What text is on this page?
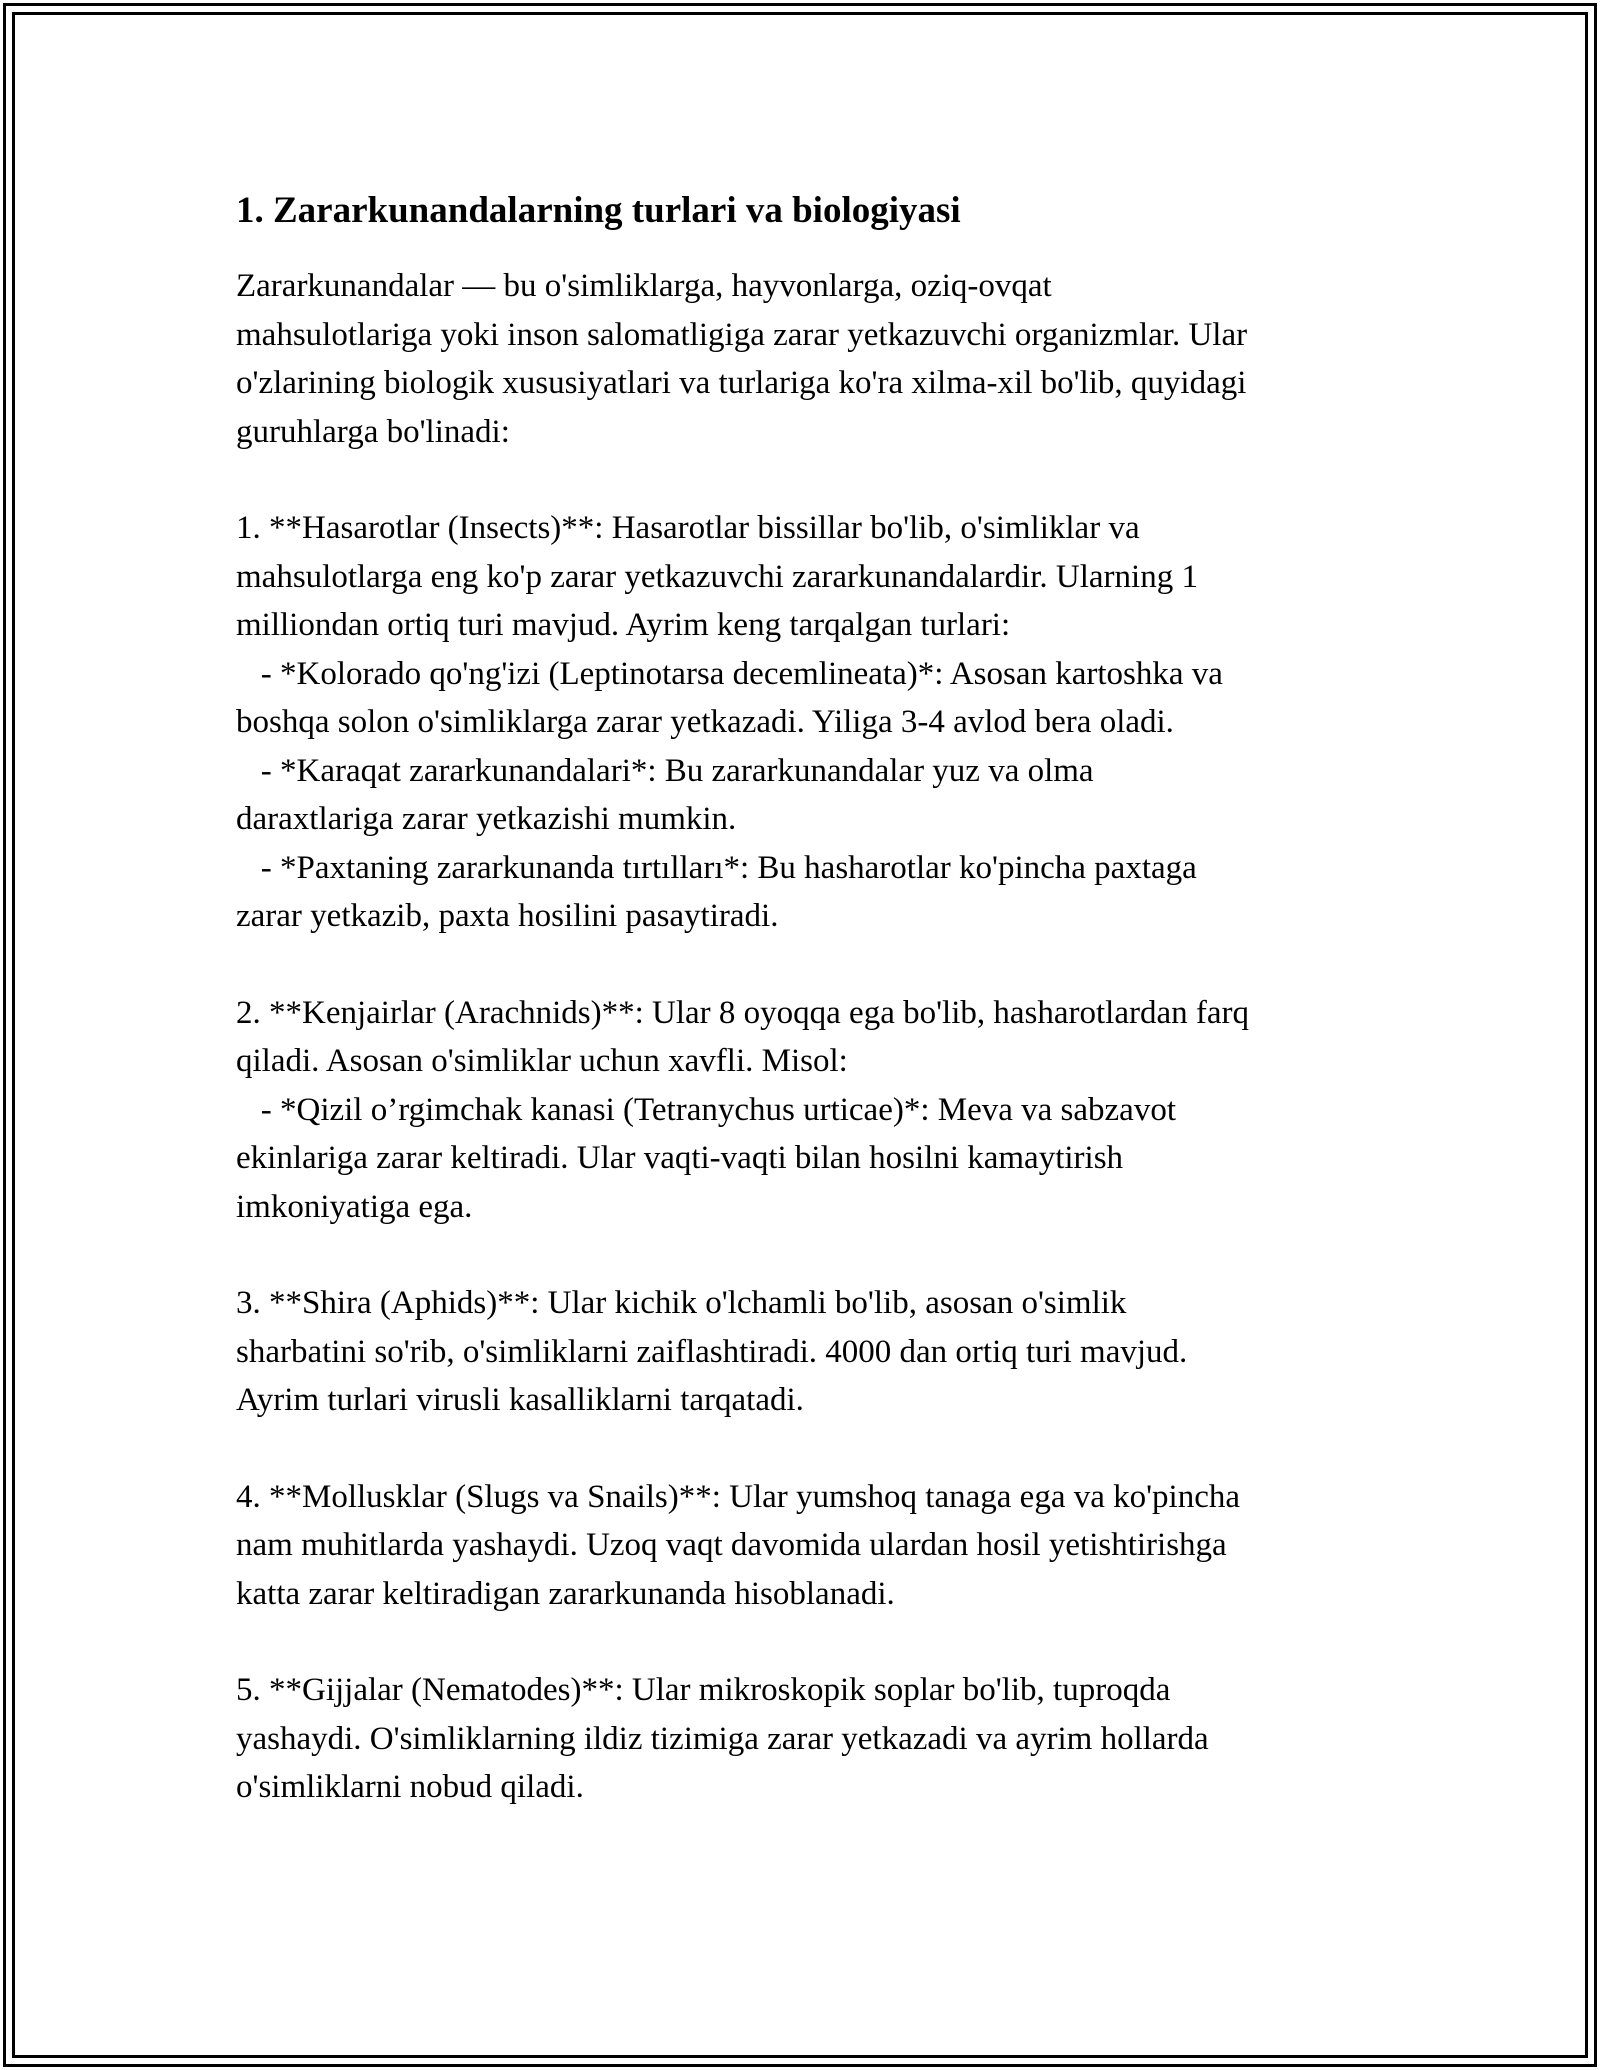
1. Zararkunandalarning turlari va biologiyasi

Zararkunandalar — bu o'simliklarga, hayvonlarga, oziq-ovqat
mahsulotlariga yoki inson salomatligiga zarar yetkazuvchi organizmlar. Ular
o'zlarining biologik xususiyatlari va turlariga ko'ra xilma-xil bo'lib, quyidagi
guruhlarga bo'linadi:

1. **Hasarotlar (Insects)**: Hasarotlar bissillar bo'lib, o'simliklar va
mahsulotlarga eng ko'p zarar yetkazuvchi zararkunandalardir. Ularning 1
milliondan ortiq turi mavjud. Ayrim keng tarqalgan turlari:
- *Kolorado qo'ng'izi (Leptinotarsa decemlineata)*: Asosan kartoshka va
boshqa solon o'simliklarga zarar yetkazadi. Yiliga 3-4 avlod bera oladi.
- *Karaqat zararkunandalari*: Bu zararkunandalar yuz va olma
daraxtlariga zarar yetkazishi mumkin.
- *Paxtaning zararkunanda tırtılları*: Bu hasharotlar ko'pincha paxtaga
zarar yetkazib, paxta hosilini pasaytiradi.

2. **Kenjairlar (Arachnids)**: Ular 8 oyoqqa ega bo'lib, hasharotlardan farq
qiladi. Asosan o'simliklar uchun xavfli. Misol:
- *Qizil o’rgimchak kanasi (Tetranychus urticae)*: Meva va sabzavot
ekinlariga zarar keltiradi. Ular vaqti-vaqti bilan hosilni kamaytirish
imkoniyatiga ega.

3. **Shira (Aphids)**: Ular kichik o'lchamli bo'lib, asosan o'simlik
sharbatini so'rib, o'simliklarni zaiflashtiradi. 4000 dan ortiq turi mavjud.
Ayrim turlari virusli kasalliklarni tarqatadi.

4. **Mollusklar (Slugs va Snails)**: Ular yumshoq tanaga ega va ko'pincha
nam muhitlarda yashaydi. Uzoq vaqt davomida ulardan hosil yetishtirishga
katta zarar keltiradigan zararkunanda hisoblanadi.

5. **Gijjalar (Nematodes)**: Ular mikroskopik soplar bo'lib, tuproqda
yashaydi. O'simliklarning ildiz tizimiga zarar yetkazadi va ayrim hollarda
o'simliklarni nobud qiladi.
